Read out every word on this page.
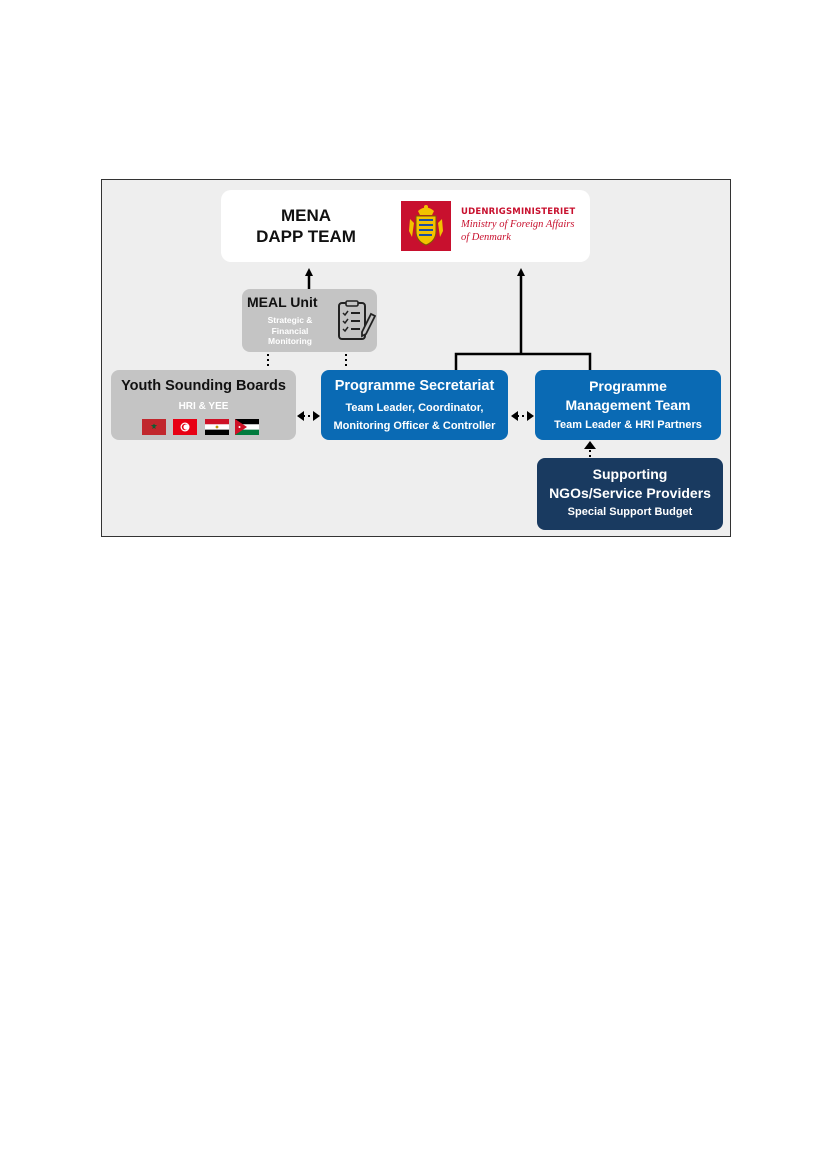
MENA
DAPP TEAM
UDENRIGSMINISTERIET
Ministry of Foreign Affairs
of Denmark
MEAL Unit
Strategic &
Financial
Monitoring
Youth Sounding Boards
HRI & YEE
Programme Secretariat
Team Leader, Coordinator,
Monitoring Officer & Controller
Programme
Management Team
Team Leader & HRI Partners
Supporting
NGOs/Service Providers
Special Support Budget
